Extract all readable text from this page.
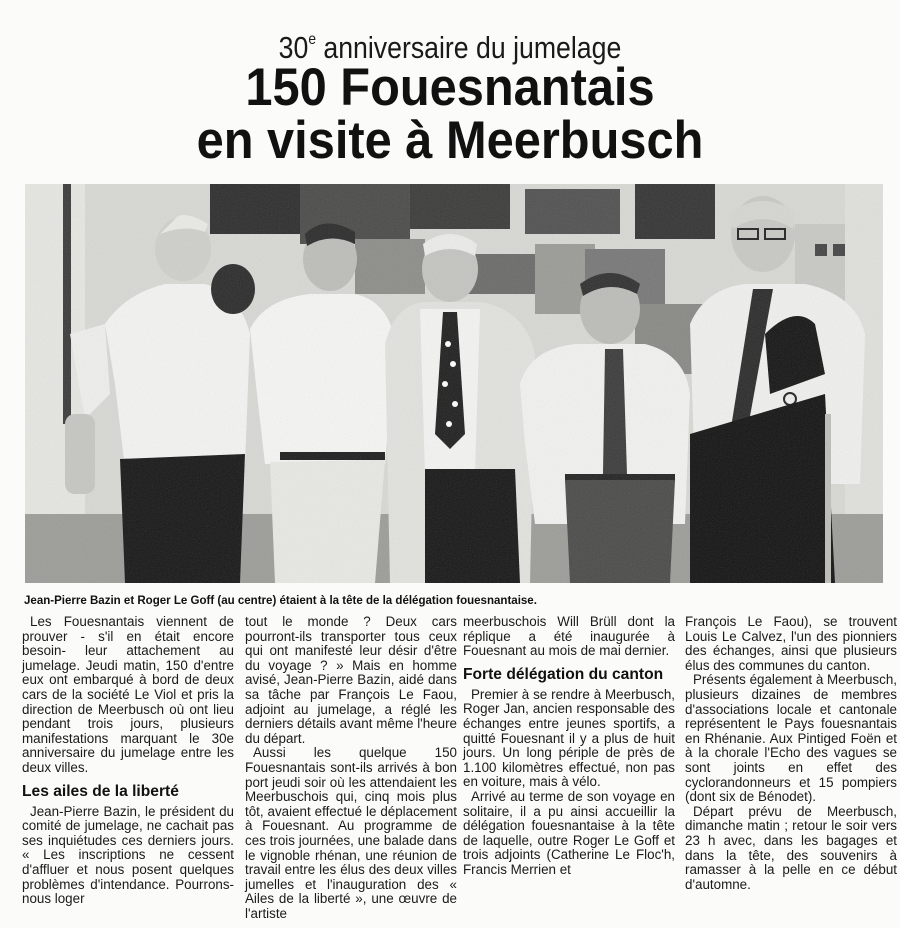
30e anniversaire du jumelage
150 Fouesnantais
en visite à Meerbusch
Jean-Pierre Bazin et Roger Le Goff (au centre) étaient à la tête de la délégation fouesnantaise.

Les Fouesnantais viennent de prouver - s'il en était encore besoin- leur attachement au jumelage. Jeudi matin, 150 d'entre eux ont embarqué à bord de deux cars de la société Le Viol et pris la direction de Meerbusch où ont lieu pendant trois jours, plusieurs manifestations marquant le 30e anniversaire du jumelage entre les deux villes.

Les ailes de la liberté

Jean-Pierre Bazin, le président du comité de jumelage, ne cachait pas ses inquiétudes ces derniers jours. « Les inscriptions ne cessent d'affluer et nous posent quelques problèmes d'intendance. Pourrons-nous loger

tout le monde ? Deux cars pourront-ils transporter tous ceux qui ont manifesté leur désir d'être du voyage ? » Mais en homme avisé, Jean-Pierre Bazin, aidé dans sa tâche par François Le Faou, adjoint au jumelage, a réglé les derniers détails avant même l'heure du départ.

Aussi les quelque 150 Fouesnantais sont-ils arrivés à bon port jeudi soir où les attendaient les Meerbuschois qui, cinq mois plus tôt, avaient effectué le déplacement à Fouesnant. Au programme de ces trois journées, une balade dans le vignoble rhénan, une réunion de travail entre les élus des deux villes jumelles et l'inauguration des « Ailes de la liberté », une œuvre de l'artiste

meerbuschois Will Brüll dont la réplique a été inaugurée à Fouesnant au mois de mai dernier.

Forte délégation du canton

Premier à se rendre à Meerbusch, Roger Jan, ancien responsable des échanges entre jeunes sportifs, a quitté Fouesnant il y a plus de huit jours. Un long périple de près de 1.100 kilomètres effectué, non pas en voiture, mais à vélo.

Arrivé au terme de son voyage en solitaire, il a pu ainsi accueillir la délégation fouesnantaise à la tête de laquelle, outre Roger Le Goff et trois adjoints (Catherine Le Floc'h, Francis Merrien et

François Le Faou), se trouvent Louis Le Calvez, l'un des pionniers des échanges, ainsi que plusieurs élus des communes du canton.

Présents également à Meerbusch, plusieurs dizaines de membres d'associations locale et cantonale représentent le Pays fouesnantais en Rhénanie. Aux Pintiged Foën et à la chorale l'Echo des vagues se sont joints en effet des cyclorandonneurs et 15 pompiers (dont six de Bénodet).

Départ prévu de Meerbusch, dimanche matin ; retour le soir vers 23 h avec, dans les bagages et dans la tête, des souvenirs à ramasser à la pelle en ce début d'automne.
